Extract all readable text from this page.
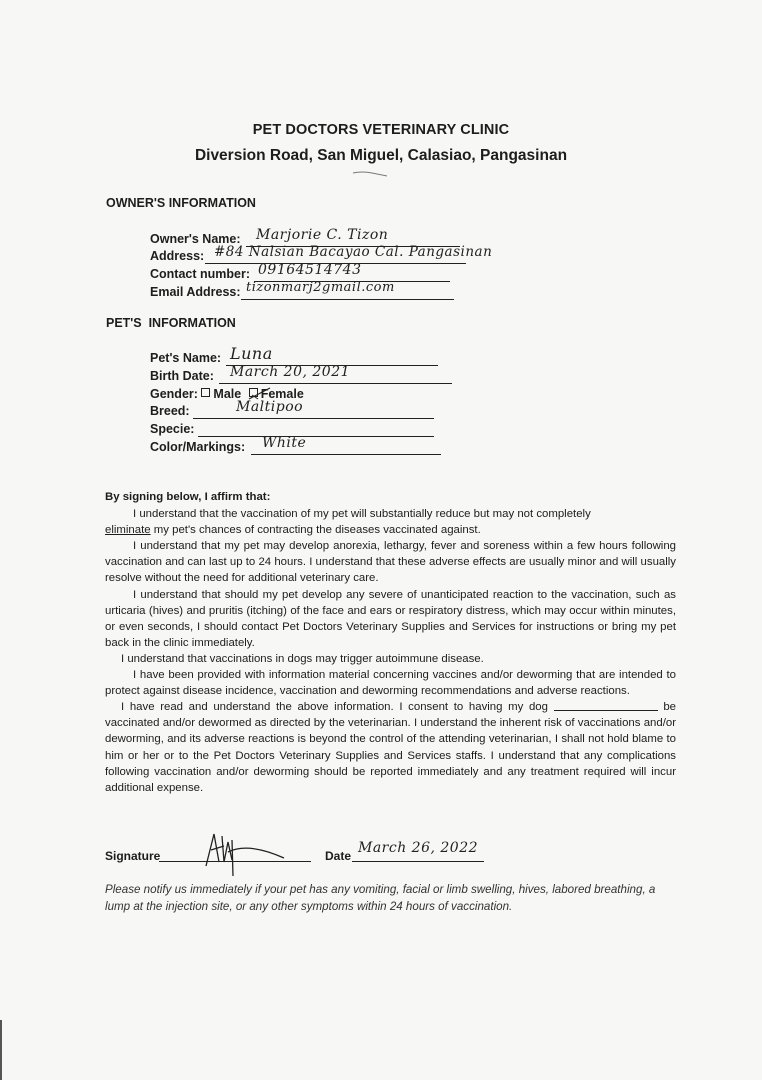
PET DOCTORS VETERINARY CLINIC
Diversion Road, San Miguel, Calasiao, Pangasinan
OWNER'S INFORMATION
Owner's Name: Marjorie C. Tizon
Address: #84 Nalsian Bacayao Cal. Pangasinan
Contact number: 09164514743
Email Address: tizonmarj2gmail.com
PET'S  INFORMATION
Pet's Name: Luna
Birth Date: March 20, 2021
Gender: Male Female
Breed:	Maltipoo
Specie:
Color/Markings: White

By signing below, I affirm that:

I understand that the vaccination of my pet will substantially reduce but may not completely

eliminate my pet's chances of contracting the diseases vaccinated against.

I understand that my pet may develop anorexia, lethargy, fever and soreness within a few hours following vaccination and can last up to 24 hours. I understand that these adverse effects are usually minor and will usually resolve without the need for additional veterinary care.

I understand that should my pet develop any severe of unanticipated reaction to the vaccination, such as urticaria (hives) and pruritis (itching) of the face and ears or respiratory distress, which may occur within minutes, or even seconds, I should contact Pet Doctors Veterinary Supplies and Services for instructions or bring my pet back in the clinic immediately.

I understand that vaccinations in dogs may trigger autoimmune disease.

I have been provided with information material concerning vaccines and/or deworming that are intended to protect against disease incidence, vaccination and deworming recommendations and adverse reactions.

I have read and understand the above information. I consent to having my dog	be vaccinated and/or dewormed as directed by the veterinarian. I understand the inherent risk of vaccinations and/or deworming, and its adverse reactions is beyond the control of the attending veterinarian, I shall not hold blame to him or her or to the Pet Doctors Veterinary Supplies and Services staffs. I understand that any complications following vaccination and/or deworming should be reported immediately and any treatment required will incur additional expense.

Signature	Date March 26, 2022

Please notify us immediately if your pet has any vomiting, facial or limb swelling, hives, labored breathing, a lump at the injection site, or any other symptoms within 24 hours of vaccination.
